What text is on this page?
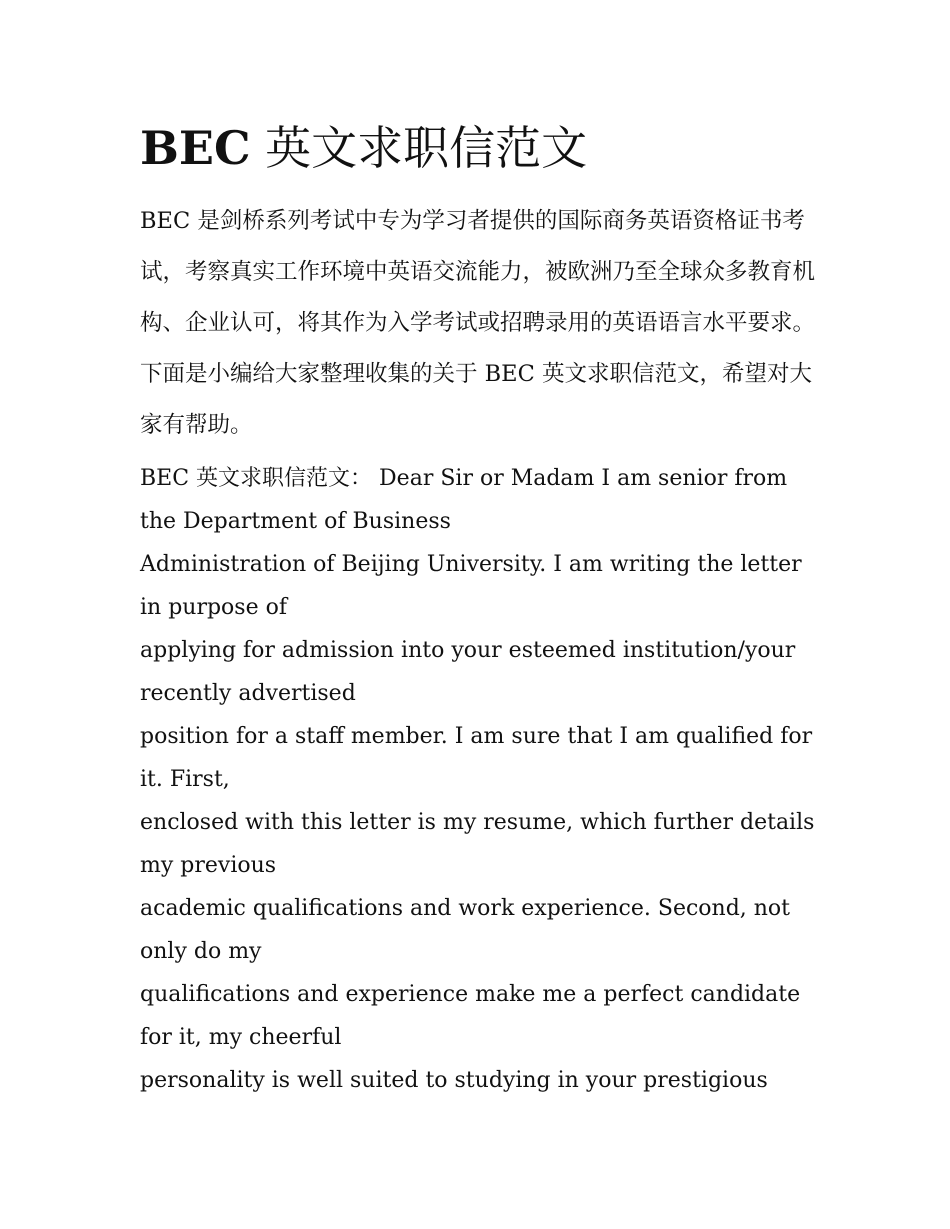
BEC 英文求职信范文

BEC 是剑桥系列考试中专为学习者提供的国际商务英语资格证书考试，考察真实工作环境中英语交流能力，被欧洲乃至全球众多教育机构、企业认可，将其作为入学考试或招聘录用的英语语言水平要求。下面是小编给大家整理收集的关于 BEC 英文求职信范文，希望对大家有帮助。

BEC 英文求职信范文： Dear Sir or Madam I am senior from the Department of Business

Administration of Beijing University. I am writing the letter in purpose of

applying for admission into your esteemed institution/your recently advertised

position for a staff member. I am sure that I am qualified for it. First,

enclosed with this letter is my resume, which further details my previous

academic qualifications and work experience. Second, not only do my

qualifications and experience make me a perfect candidate for it, my cheerful

personality is well suited to studying in your prestigious
